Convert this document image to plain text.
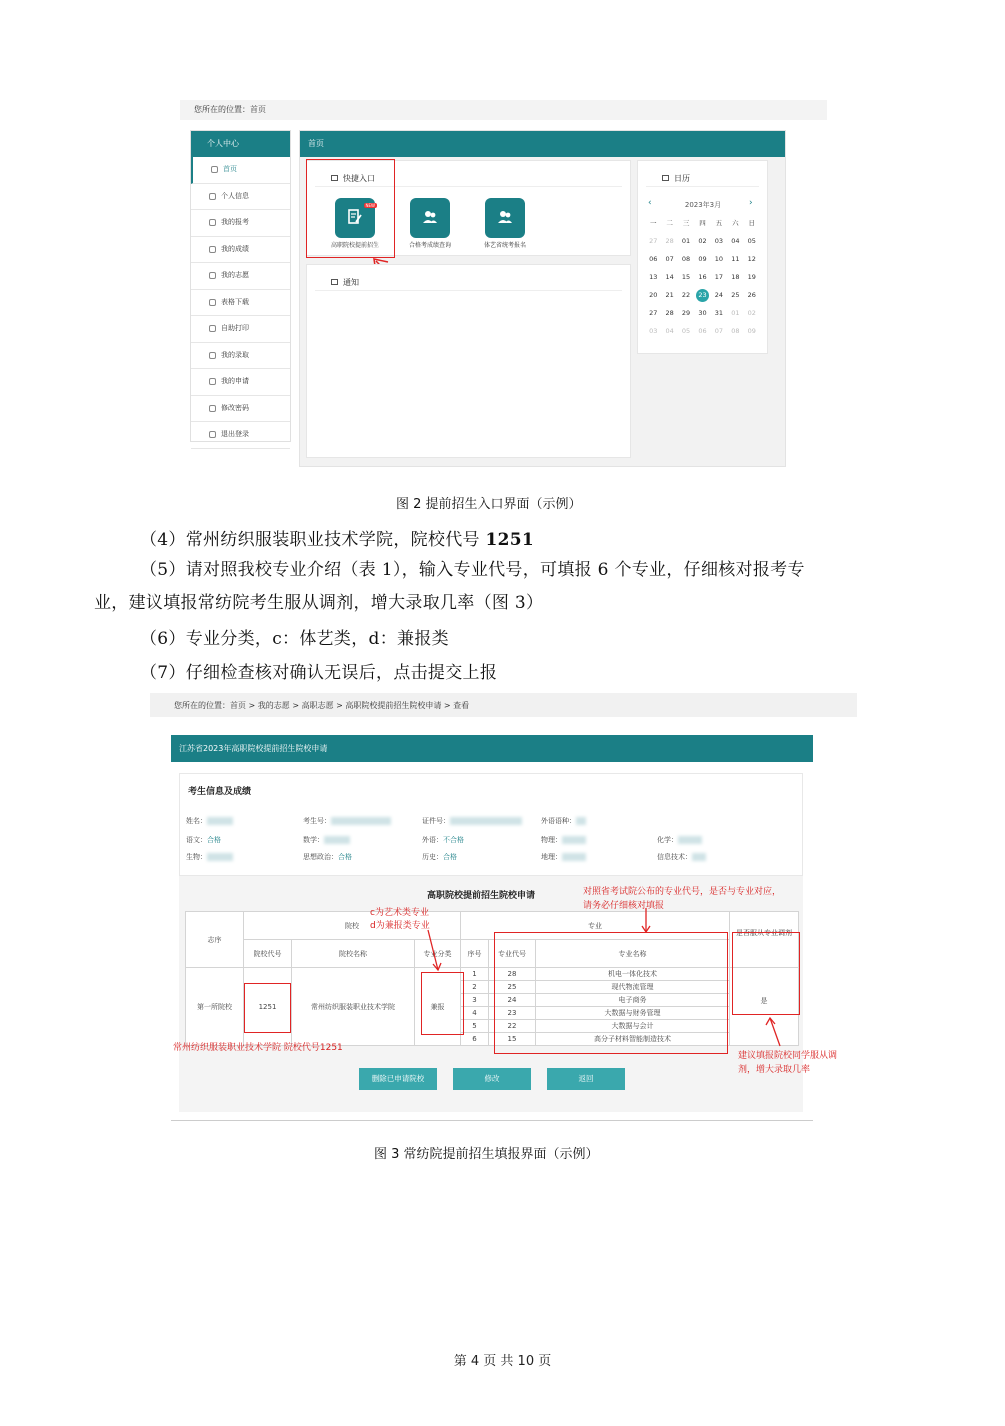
您所在的位置：首页
个人中心
首页
个人信息
我的报考
我的成绩
我的志愿
表格下载
自助打印
我的录取
我的申请
修改密码
退出登录
首页
快捷入口
NEW
高职院校提前招生	合格考成绩查询	体艺省统考报名
通知
日历
‹	2023年3月	›
一	二	三	四	五	六	日
27	28	01	02	03	04	05
06	07	08	09	10	11	12
13	14	15	16	17	18	19
20	21	22	23	24	25	26
27	28	29	30	31	01	02
03	04	05	06	07	08	09
图 2 提前招生入口界面（示例）
（4）常州纺织服装职业技术学院，院校代号 1251
（5）请对照我校专业介绍（表 1），输入专业代号，可填报 6 个专业，仔细核对报考专
业，建议填报常纺院考生服从调剂，增大录取几率（图 3）
（6）专业分类，c：体艺类，d：兼报类
（7）仔细检查核对确认无误后，点击提交上报
您所在的位置：首页 > 我的志愿 > 高职志愿 > 高职院校提前招生院校申请 > 查看
江苏省2023年高职院校提前招生院校申请
考生信息及成绩
姓名：	考生号：	证件号：	外语语种：
语文：合格	数学：	外语：不合格	物理：	化学：
生物：	思想政治：合格	历史：合格	地理：	信息技术：
高职院校提前招生院校申请
志序	院校			专业			是否服从专业调剂
	院校代号	院校名称	专业分类	序号	专业代号	专业名称	
第一所院校	1251	常州纺织服装职业技术学院	兼报	1	28	机电一体化技术	是
				2	25	现代物流管理	
				3	24	电子商务	
				4	23	大数据与财务管理	
				5	22	大数据与会计	
				6	15	高分子材料智能制造技术	
对照省考试院公布的专业代号，是否与专业对应，
请务必仔细核对填报
c为艺术类专业
d为兼报类专业
常州纺织服装职业技术学院 院校代号1251
建议填报院校同学服从调
剂，增大录取几率
删除已申请院校	修改	返回
图 3 常纺院提前招生填报界面（示例）
第 4 页 共 10 页
